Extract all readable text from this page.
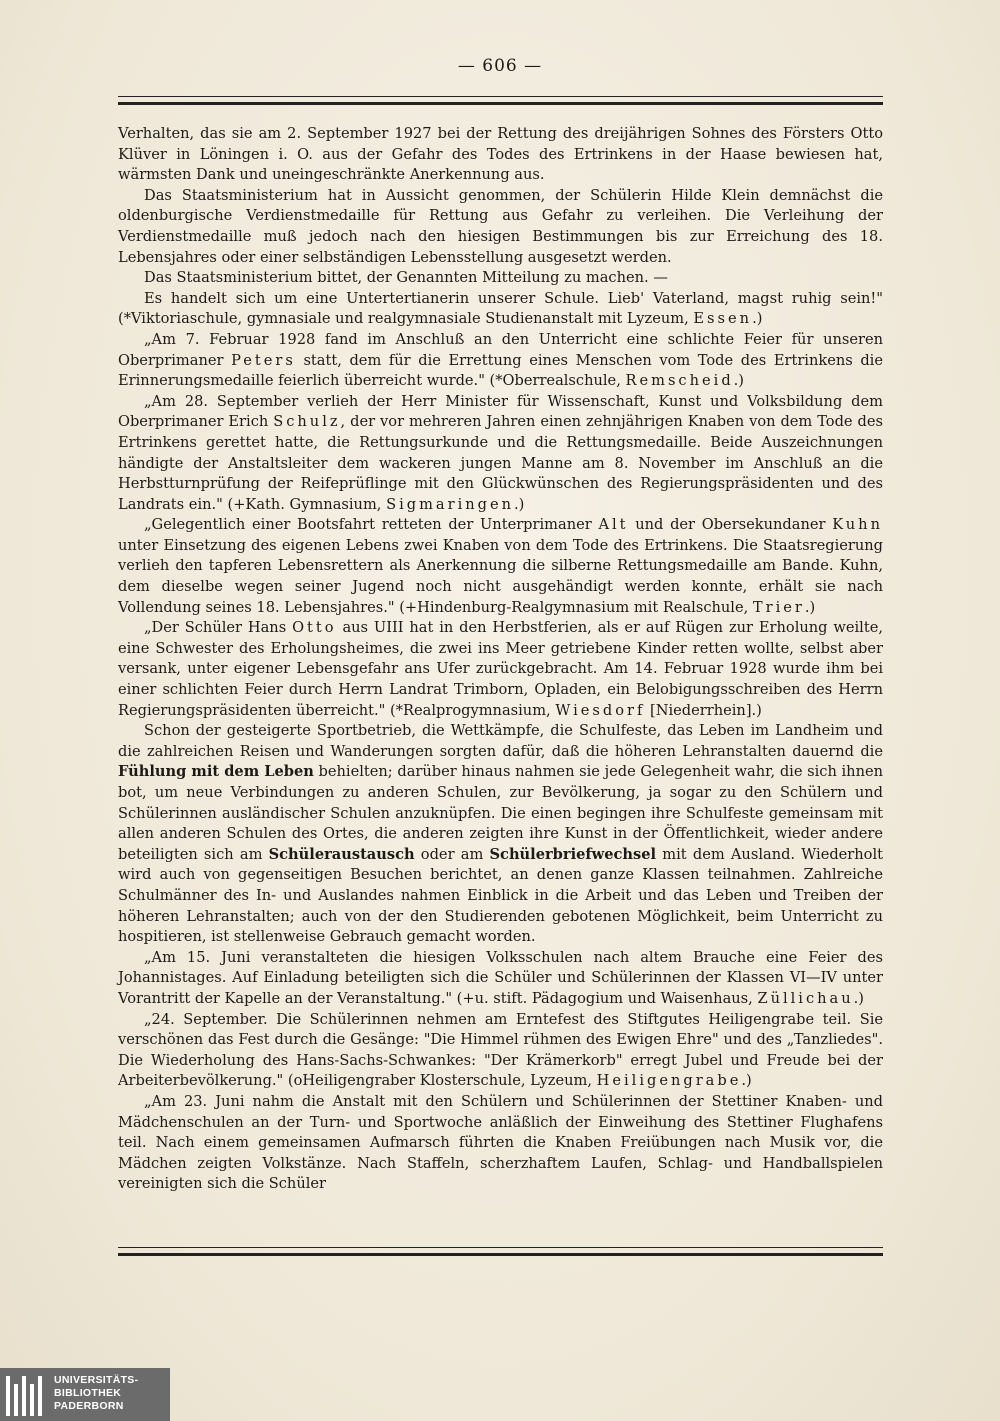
— 606 —

Verhalten, das sie am 2. September 1927 bei der Rettung des dreijährigen Sohnes des Försters Otto Klüver in Löningen i. O. aus der Gefahr des Todes des Ertrinkens in der Haase bewiesen hat, wärmsten Dank und uneingeschränkte Anerkennung aus.

Das Staatsministerium hat in Aussicht genommen, der Schülerin Hilde Klein demnächst die oldenburgische Verdienstmedaille für Rettung aus Gefahr zu verleihen. Die Verleihung der Verdienstmedaille muß jedoch nach den hiesigen Bestimmungen bis zur Erreichung des 18. Lebensjahres oder einer selbständigen Lebensstellung ausgesetzt werden.

Das Staatsministerium bittet, der Genannten Mitteilung zu machen. —

Es handelt sich um eine Untertertianerin unserer Schule. Lieb' Vaterland, magst ruhig sein!" (*Viktoriaschule, gymnasiale und realgymnasiale Studienanstalt mit Lyzeum, Essen.)

„Am 7. Februar 1928 fand im Anschluß an den Unterricht eine schlichte Feier für unseren Oberprimaner Peters statt, dem für die Errettung eines Menschen vom Tode des Ertrinkens die Erinnerungsmedaille feierlich überreicht wurde." (*Oberrealschule, Remscheid.)

„Am 28. September verlieh der Herr Minister für Wissenschaft, Kunst und Volksbildung dem Oberprimaner Erich Schulz, der vor mehreren Jahren einen zehnjährigen Knaben von dem Tode des Ertrinkens gerettet hatte, die Rettungsurkunde und die Rettungsmedaille. Beide Auszeichnungen händigte der Anstaltsleiter dem wackeren jungen Manne am 8. November im Anschluß an die Herbstturnprüfung der Reifeprüflinge mit den Glückwünschen des Regierungspräsidenten und des Landrats ein." (+Kath. Gymnasium, Sigmaringen.)

„Gelegentlich einer Bootsfahrt retteten der Unterprimaner Alt und der Obersekundaner Kuhn unter Einsetzung des eigenen Lebens zwei Knaben von dem Tode des Ertrinkens. Die Staatsregierung verlieh den tapferen Lebensrettern als Anerkennung die silberne Rettungsmedaille am Bande. Kuhn, dem dieselbe wegen seiner Jugend noch nicht ausgehändigt werden konnte, erhält sie nach Vollendung seines 18. Lebensjahres." (+Hindenburg-Realgymnasium mit Realschule, Trier.)

„Der Schüler Hans Otto aus UIII hat in den Herbstferien, als er auf Rügen zur Erholung weilte, eine Schwester des Erholungsheimes, die zwei ins Meer getriebene Kinder retten wollte, selbst aber versank, unter eigener Lebensgefahr ans Ufer zurückgebracht. Am 14. Februar 1928 wurde ihm bei einer schlichten Feier durch Herrn Landrat Trimborn, Opladen, ein Belobigungsschreiben des Herrn Regierungspräsidenten überreicht." (*Realprogymnasium, Wiesdorf [Niederrhein].)

Schon der gesteigerte Sportbetrieb, die Wettkämpfe, die Schulfeste, das Leben im Landheim und die zahlreichen Reisen und Wanderungen sorgten dafür, daß die höheren Lehranstalten dauernd die Fühlung mit dem Leben behielten; darüber hinaus nahmen sie jede Gelegenheit wahr, die sich ihnen bot, um neue Verbindungen zu anderen Schulen, zur Bevölkerung, ja sogar zu den Schülern und Schülerinnen ausländischer Schulen anzuknüpfen. Die einen begingen ihre Schulfeste gemeinsam mit allen anderen Schulen des Ortes, die anderen zeigten ihre Kunst in der Öffentlichkeit, wieder andere beteiligten sich am Schüleraustausch oder am Schülerbriefwechsel mit dem Ausland. Wiederholt wird auch von gegenseitigen Besuchen berichtet, an denen ganze Klassen teilnahmen. Zahlreiche Schulmänner des In- und Auslandes nahmen Einblick in die Arbeit und das Leben und Treiben der höheren Lehranstalten; auch von der den Studierenden gebotenen Möglichkeit, beim Unterricht zu hospitieren, ist stellenweise Gebrauch gemacht worden.

„Am 15. Juni veranstalteten die hiesigen Volksschulen nach altem Brauche eine Feier des Johannistages. Auf Einladung beteiligten sich die Schüler und Schülerinnen der Klassen VI—IV unter Vorantritt der Kapelle an der Veranstaltung." (+u. stift. Pädagogium und Waisenhaus, Züllichau.)

„24. September. Die Schülerinnen nehmen am Erntefest des Stiftgutes Heiligengrabe teil. Sie verschönen das Fest durch die Gesänge: "Die Himmel rühmen des Ewigen Ehre" und des „Tanzliedes". Die Wiederholung des Hans-Sachs-Schwankes: "Der Krämerkorb" erregt Jubel und Freude bei der Arbeiterbevölkerung." (oHeiligengraber Klosterschule, Lyzeum, Heiligengrabe.)

„Am 23. Juni nahm die Anstalt mit den Schülern und Schülerinnen der Stettiner Knaben- und Mädchenschulen an der Turn- und Sportwoche anläßlich der Einweihung des Stettiner Flughafens teil. Nach einem gemeinsamen Aufmarsch führten die Knaben Freiübungen nach Musik vor, die Mädchen zeigten Volkstänze. Nach Staffeln, scherzhaftem Laufen, Schlag- und Handballspielen vereinigten sich die Schüler

UNIVERSITÄTS-
BIBLIOTHEK
PADERBORN
